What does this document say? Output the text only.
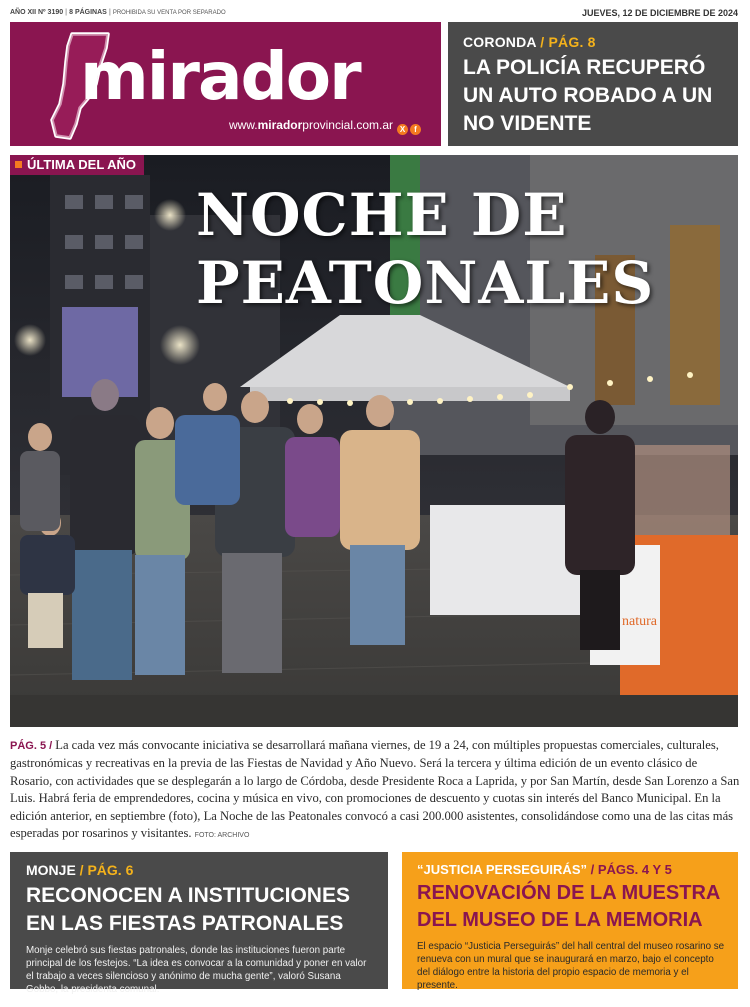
AÑO XII Nº 3190 | 8 PÁGINAS | PROHIBIDA SU VENTA POR SEPARADO	JUEVES, 12 DE DICIEMBRE DE 2024
mirador
www.miradorprovincial.com.ar X f
CORONDA / PÁG. 8
LA POLICÍA RECUPERÓ UN AUTO ROBADO A UN NO VIDENTE
natura
ÚLTIMA DEL AÑO
NOCHE DE PEATONALES
PÁG. 5 / La cada vez más convocante iniciativa se desarrollará mañana viernes, de 19 a 24, con múltiples propuestas comerciales, culturales, gastronómicas y recreativas en la previa de las Fiestas de Navidad y Año Nuevo. Será la tercera y última edición de un evento clásico de Rosario, con actividades que se desplegarán a lo largo de Córdoba, desde Presidente Roca a Laprida, y por San Martín, desde San Lorenzo a San Luis. Habrá feria de emprendedores, cocina y música en vivo, con promociones de descuento y cuotas sin interés del Banco Municipal. En la edición anterior, en septiembre (foto), La Noche de las Peatonales convocó a casi 200.000 asistentes, consolidándose como una de las citas más esperadas por rosarinos y visitantes. FOTO: ARCHIVO
MONJE / PÁG. 6
RECONOCEN A INSTITUCIONES EN LAS FIESTAS PATRONALES
Monje celebró sus fiestas patronales, donde las instituciones fueron parte principal de los festejos. “La idea es convocar a la comunidad y poner en valor el trabajo a veces silencioso y anónimo de mucha gente”, valoró Susana Gobbo, la presidenta comunal.
“JUSTICIA PERSEGUIRÁS” / PÁGS. 4 Y 5
RENOVACIÓN DE LA MUESTRA DEL MUSEO DE LA MEMORIA
El espacio “Justicia Perseguirás” del hall central del museo rosarino se renueva con un mural que se inaugurará en marzo, bajo el concepto del diálogo entre la historia del propio espacio de memoria y el presente.
